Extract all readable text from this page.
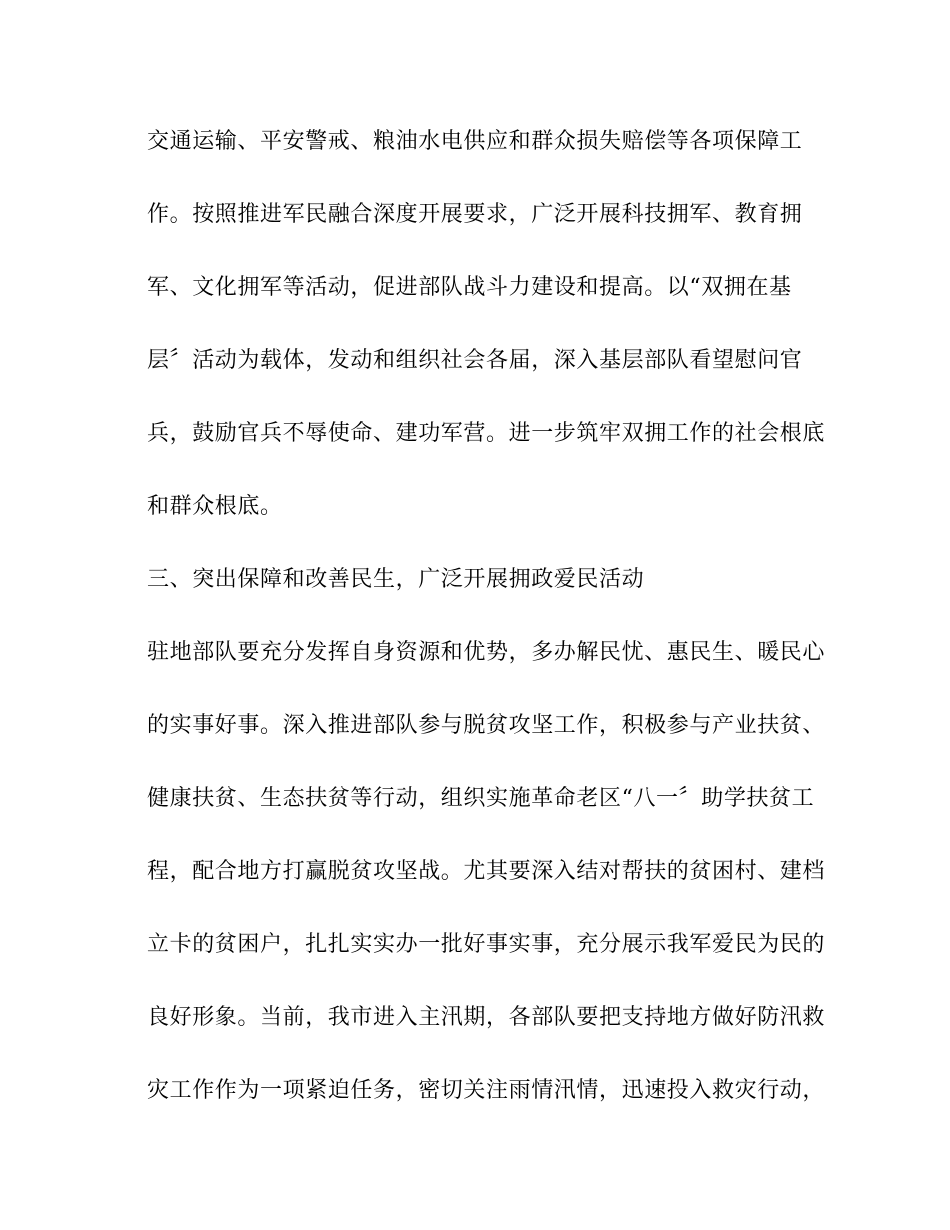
交通运输、平安警戒、粮油水电供应和群众损失赔偿等各项保障工
作。按照推进军民融合深度开展要求，广泛开展科技拥军、教育拥
军、文化拥军等活动，促进部队战斗力建设和提高。以“双拥在基
层〞活动为载体，发动和组织社会各届，深入基层部队看望慰问官
兵，鼓励官兵不辱使命、建功军营。进一步筑牢双拥工作的社会根底
和群众根底。
三、突出保障和改善民生，广泛开展拥政爱民活动
驻地部队要充分发挥自身资源和优势，多办解民忧、惠民生、暖民心
的实事好事。深入推进部队参与脱贫攻坚工作，积极参与产业扶贫、
健康扶贫、生态扶贫等行动，组织实施革命老区“八一〞助学扶贫工
程，配合地方打赢脱贫攻坚战。尤其要深入结对帮扶的贫困村、建档
立卡的贫困户，扎扎实实办一批好事实事，充分展示我军爱民为民的
良好形象。当前，我市进入主汛期，各部队要把支持地方做好防汛救
灾工作作为一项紧迫任务，密切关注雨情汛情，迅速投入救灾行动，
